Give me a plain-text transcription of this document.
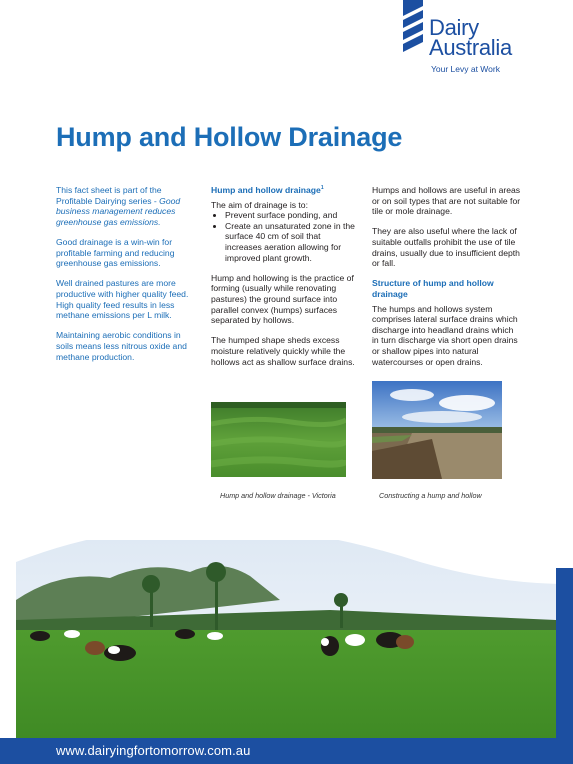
Dairy
Australia
Your Levy at Work
Hump and Hollow Drainage

This fact sheet is part of the Profitable Dairying series - Good business management reduces greenhouse gas emissions.

Good drainage is a win-win for profitable farming and reducing greenhouse gas emissions.

Well drained pastures are more productive with higher quality feed. High quality feed results in less methane emissions per L milk.

Maintaining aerobic conditions in soils means less nitrous oxide and methane production.

Hump and hollow drainage$^1$

The aim of drainage is to:

• Prevent surface ponding, and
• Create an unsaturated zone in the surface 40 cm of soil that increases aeration allowing for improved plant growth.

Hump and hollowing is the practice of forming (usually while renovating pastures) the ground surface into parallel convex (humps) surfaces separated by hollows.

The humped shape sheds excess moisture relatively quickly while the hollows act as shallow surface drains.

Humps and hollows are useful in areas or on soil types that are not suitable for tile or mole drainage.

They are also useful where the lack of suitable outfalls prohibit the use of tile drains, usually due to insufficient depth or fall.

Structure of hump and hollow drainage

The humps and hollows system comprises lateral surface drains which discharge into headland drains which in turn discharge via short open drains or shallow pipes into natural watercourses or open drains.

Hump and hollow drainage - Victoria	Constructing a hump and hollow

www.dairyingfortomorrow.com.au
